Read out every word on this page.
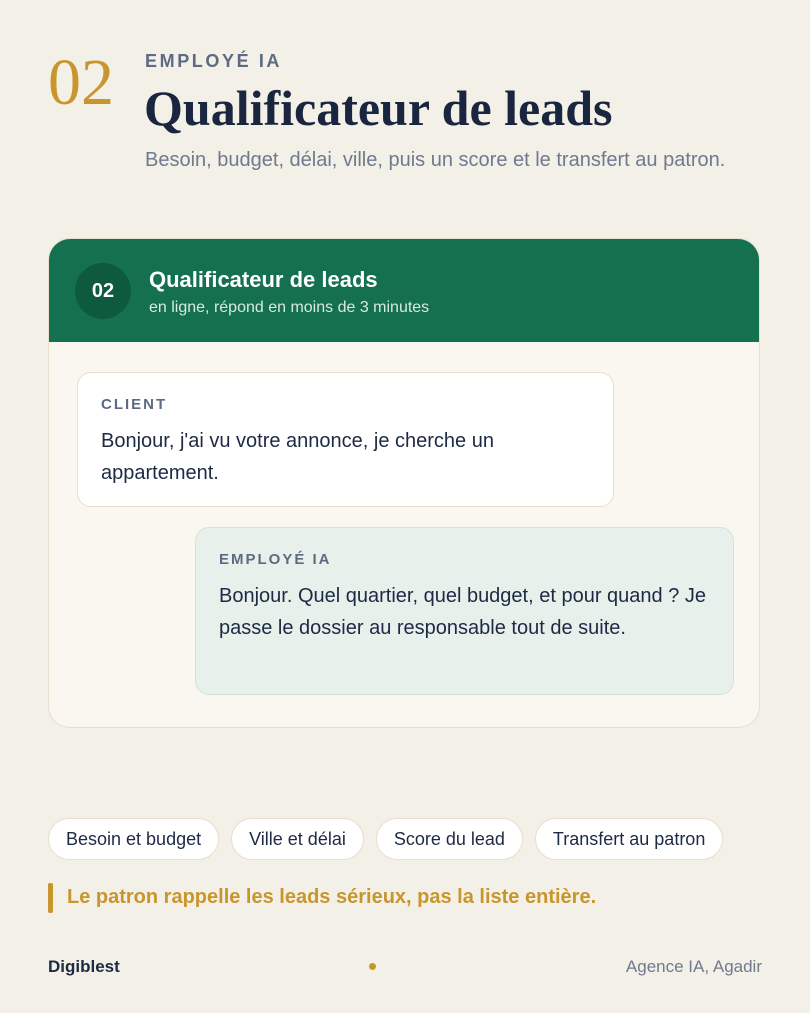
02 EMPLOYÉ IA
Qualificateur de leads
Besoin, budget, délai, ville, puis un score et le transfert au patron.
02	Qualificateur de leads
en ligne, répond en moins de 3 minutes
CLIENT
Bonjour, j'ai vu votre annonce, je cherche un appartement.
EMPLOYÉ IA
Bonjour. Quel quartier, quel budget, et pour quand ? Je passe le dossier au responsable tout de suite.
Besoin et budget	Ville et délai	Score du lead	Transfert au patron
Le patron rappelle les leads sérieux, pas la liste entière.
Digiblest	Agence IA, Agadir
